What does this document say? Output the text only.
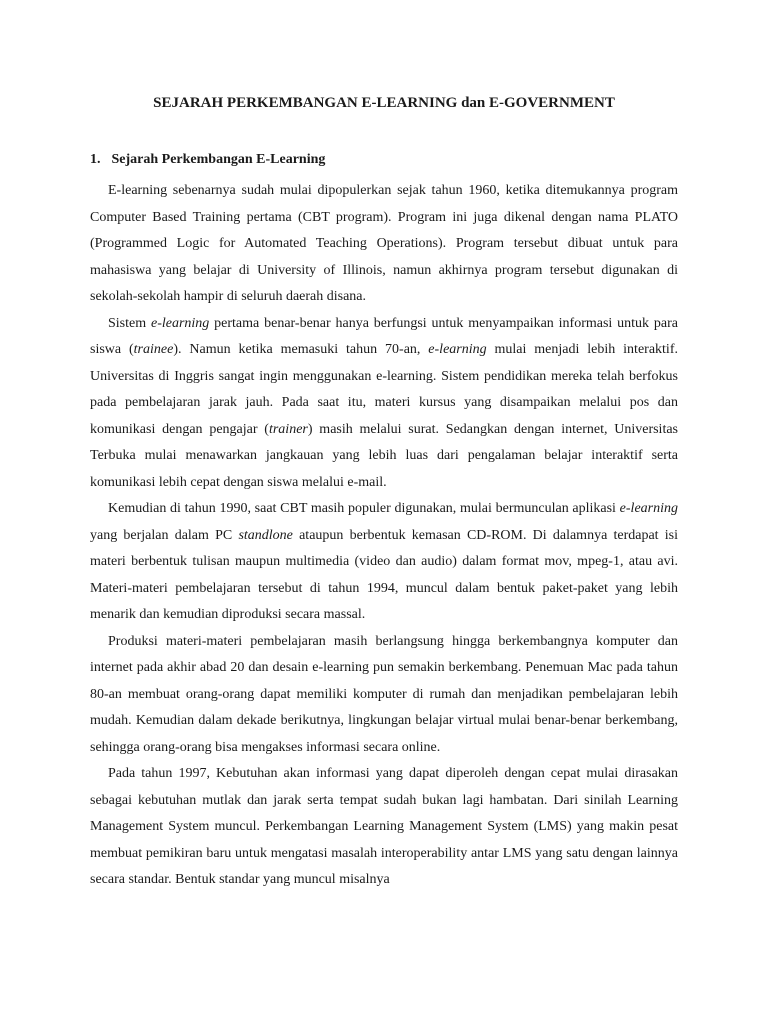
SEJARAH PERKEMBANGAN E-LEARNING dan E-GOVERNMENT
1. Sejarah Perkembangan E-Learning

E-learning sebenarnya sudah mulai dipopulerkan sejak tahun 1960, ketika ditemukannya program Computer Based Training pertama (CBT program). Program ini juga dikenal dengan nama PLATO (Programmed Logic for Automated Teaching Operations). Program tersebut dibuat untuk para mahasiswa yang belajar di University of Illinois, namun akhirnya program tersebut digunakan di sekolah-sekolah hampir di seluruh daerah disana.

Sistem e-learning pertama benar-benar hanya berfungsi untuk menyampaikan informasi untuk para siswa (trainee). Namun ketika memasuki tahun 70-an, e-learning mulai menjadi lebih interaktif. Universitas di Inggris sangat ingin menggunakan e-learning. Sistem pendidikan mereka telah berfokus pada pembelajaran jarak jauh. Pada saat itu, materi kursus yang disampaikan melalui pos dan komunikasi dengan pengajar (trainer) masih melalui surat. Sedangkan dengan internet, Universitas Terbuka mulai menawarkan jangkauan yang lebih luas dari pengalaman belajar interaktif serta komunikasi lebih cepat dengan siswa melalui e-mail.

Kemudian di tahun 1990, saat CBT masih populer digunakan, mulai bermunculan aplikasi e-learning yang berjalan dalam PC standlone ataupun berbentuk kemasan CD-ROM. Di dalamnya terdapat isi materi berbentuk tulisan maupun multimedia (video dan audio) dalam format mov, mpeg-1, atau avi. Materi-materi pembelajaran tersebut di tahun 1994, muncul dalam bentuk paket-paket yang lebih menarik dan kemudian diproduksi secara massal.

Produksi materi-materi pembelajaran masih berlangsung hingga berkembangnya komputer dan internet pada akhir abad 20 dan desain e-learning pun semakin berkembang. Penemuan Mac pada tahun 80-an membuat orang-orang dapat memiliki komputer di rumah dan menjadikan pembelajaran lebih mudah. Kemudian dalam dekade berikutnya, lingkungan belajar virtual mulai benar-benar berkembang, sehingga orang-orang bisa mengakses informasi secara online.

Pada tahun 1997, Kebutuhan akan informasi yang dapat diperoleh dengan cepat mulai dirasakan sebagai kebutuhan mutlak dan jarak serta tempat sudah bukan lagi hambatan. Dari sinilah Learning Management System muncul. Perkembangan Learning Management System (LMS) yang makin pesat membuat pemikiran baru untuk mengatasi masalah interoperability antar LMS yang satu dengan lainnya secara standar. Bentuk standar yang muncul misalnya
